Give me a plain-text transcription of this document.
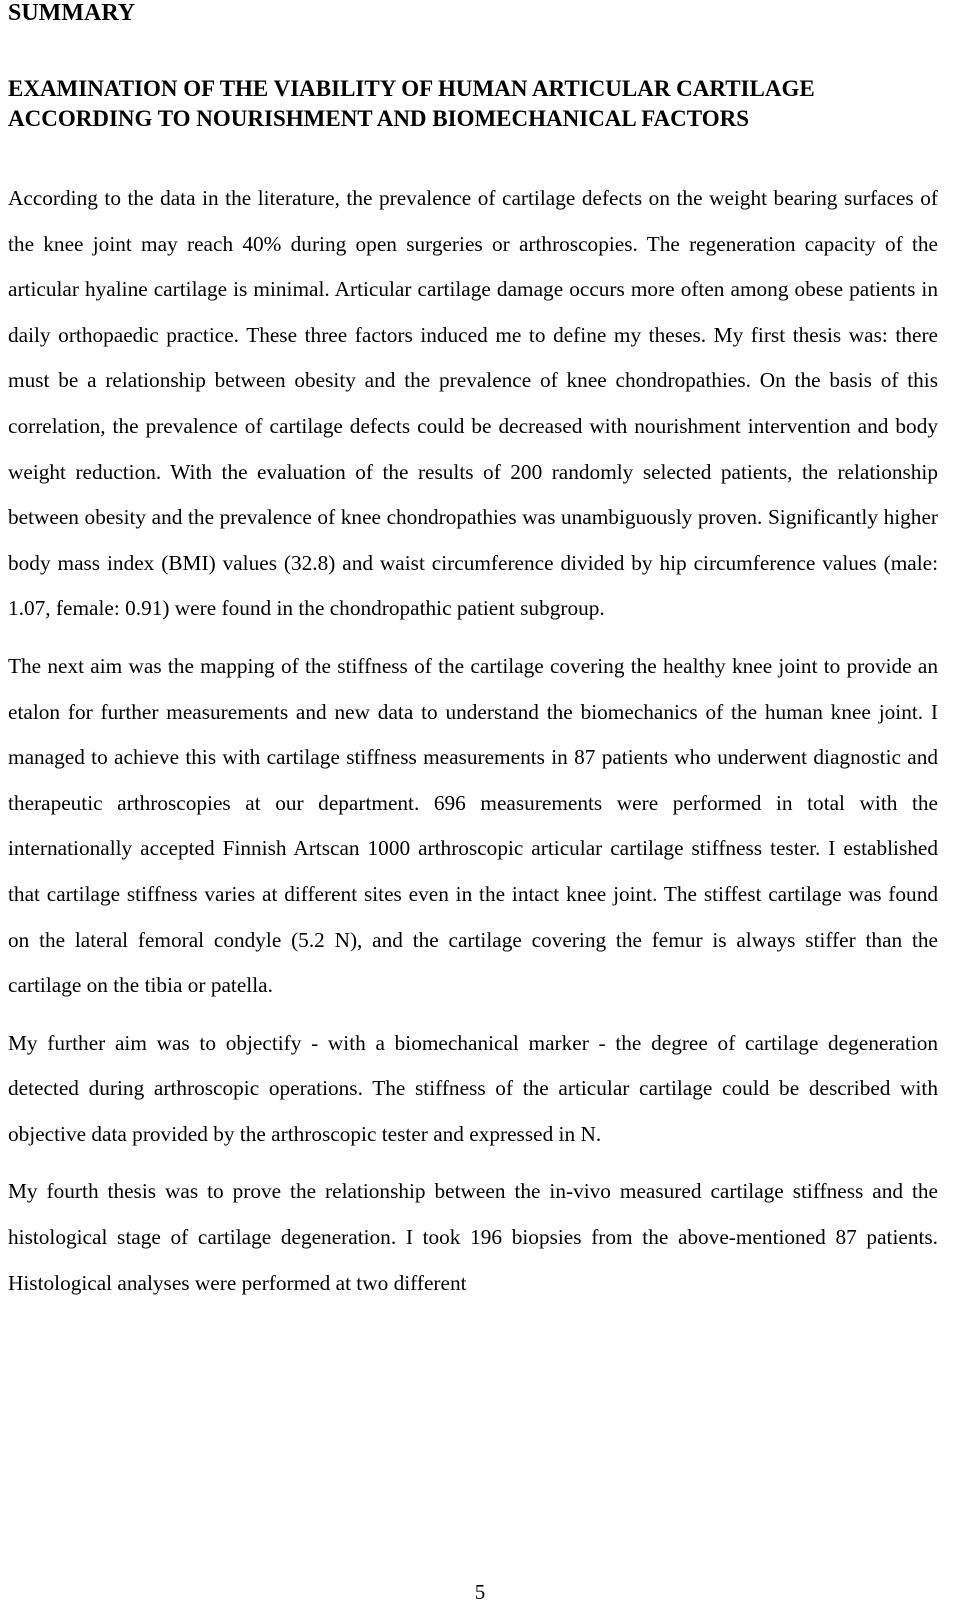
SUMMARY
EXAMINATION OF THE VIABILITY OF HUMAN ARTICULAR CARTILAGE ACCORDING TO NOURISHMENT AND BIOMECHANICAL FACTORS

According to the data in the literature, the prevalence of cartilage defects on the weight bearing surfaces of the knee joint may reach 40% during open surgeries or arthroscopies. The regeneration capacity of the articular hyaline cartilage is minimal. Articular cartilage damage occurs more often among obese patients in daily orthopaedic practice. These three factors induced me to define my theses. My first thesis was: there must be a relationship between obesity and the prevalence of knee chondropathies. On the basis of this correlation, the prevalence of cartilage defects could be decreased with nourishment intervention and body weight reduction. With the evaluation of the results of 200 randomly selected patients, the relationship between obesity and the prevalence of knee chondropathies was unambiguously proven. Significantly higher body mass index (BMI) values (32.8) and waist circumference divided by hip circumference values (male: 1.07, female: 0.91) were found in the chondropathic patient subgroup.

The next aim was the mapping of the stiffness of the cartilage covering the healthy knee joint to provide an etalon for further measurements and new data to understand the biomechanics of the human knee joint. I managed to achieve this with cartilage stiffness measurements in 87 patients who underwent diagnostic and therapeutic arthroscopies at our department. 696 measurements were performed in total with the internationally accepted Finnish Artscan 1000 arthroscopic articular cartilage stiffness tester. I established that cartilage stiffness varies at different sites even in the intact knee joint. The stiffest cartilage was found on the lateral femoral condyle (5.2 N), and the cartilage covering the femur is always stiffer than the cartilage on the tibia or patella.

My further aim was to objectify - with a biomechanical marker - the degree of cartilage degeneration detected during arthroscopic operations. The stiffness of the articular cartilage could be described with objective data provided by the arthroscopic tester and expressed in N.

My fourth thesis was to prove the relationship between the in-vivo measured cartilage stiffness and the histological stage of cartilage degeneration. I took 196 biopsies from the above-mentioned 87 patients. Histological analyses were performed at two different

5
